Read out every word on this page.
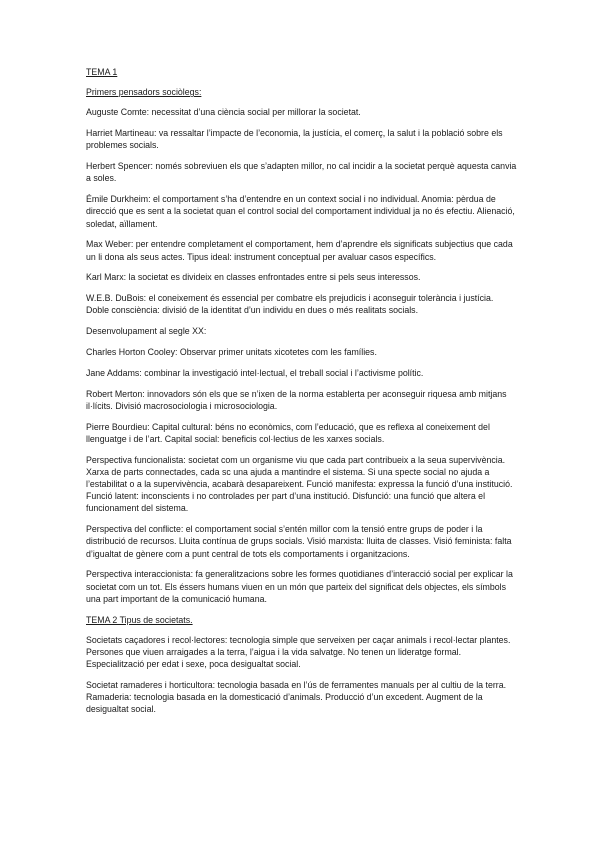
TEMA 1
Primers pensadors sociòlegs:

Auguste Comte: necessitat d’una ciència social per millorar la societat.

Harriet Martineau: va ressaltar l’impacte de l’economia, la justícia, el comerç, la salut i la població sobre els problemes socials.

Herbert Spencer: només sobreviuen els que s’adapten millor, no cal incidir a la societat perquè aquesta canvia a soles.

Émile Durkheim: el comportament s’ha d’entendre en un context social i no individual. Anomia: pèrdua de direcció que es sent a la societat quan el control social del comportament individual ja no és efectiu. Alienació, soledat, aïllament.

Max Weber: per entendre completament el comportament, hem d’aprendre els significats subjectius que cada un li dona als seus actes. Tipus ideal: instrument conceptual per avaluar casos específics.

Karl Marx: la societat es divideix en classes enfrontades entre si pels seus interessos.

W.E.B. DuBois: el coneixement és essencial per combatre els prejudicis i aconseguir tolerància i justícia. Doble consciència: divisió de la identitat d’un individu en dues o més realitats socials.

Desenvolupament al segle XX:

Charles Horton Cooley: Observar primer unitats xicotetes com les famílies.

Jane Addams: combinar la investigació intel·lectual, el treball social i l’activisme polític.

Robert Merton: innovadors són els que se n’ixen de la norma establerta per aconseguir riquesa amb mitjans il·lícits. Divisió macrosociologia i microsociologia.

Pierre Bourdieu: Capital cultural: béns no econòmics, com l’educació, que es reflexa al coneixement del llenguatge i de l’art. Capital social: beneficis col·lectius de les xarxes socials.

Perspectiva funcionalista: societat com un organisme viu que cada part contribueix a la seua supervivència. Xarxa de parts connectades, cada sc una ajuda a mantindre el sistema. Si una specte social no ajuda a l’estabilitat o a la supervivència, acabarà desapareixent. Funció manifesta: expressa la funció d’una institució. Funció latent: inconscients i no controlades per part d’una institució. Disfunció: una funció que altera el funcionament del sistema.

Perspectiva del conflicte: el comportament social s’entén millor com la tensió entre grups de poder i la distribució de recursos. Lluita contínua de grups socials. Visió marxista: lluita de classes. Visió feminista: falta d’igualtat de gènere com a punt central de tots els comportaments i organitzacions.

Perspectiva interaccionista: fa generalitzacions sobre les formes quotidianes d’interacció social per explicar la societat com un tot. Els éssers humans viuen en un món que parteix del significat dels objectes, els símbols una part important de la comunicació humana.

TEMA 2 Tipus de societats.

Societats caçadores i recol·lectores: tecnologia simple que serveixen per caçar animals i recol·lectar plantes. Persones que viuen arraigades a la terra, l’aigua i la vida salvatge. No tenen un lideratge formal. Especialització per edat i sexe, poca desigualtat social.

Societat ramaderes i horticultora: tecnologia basada en l’ús de ferramentes manuals per al cultiu de la terra. Ramaderia: tecnologia basada en la domesticació d’animals. Producció d’un excedent. Augment de la desigualtat social.
